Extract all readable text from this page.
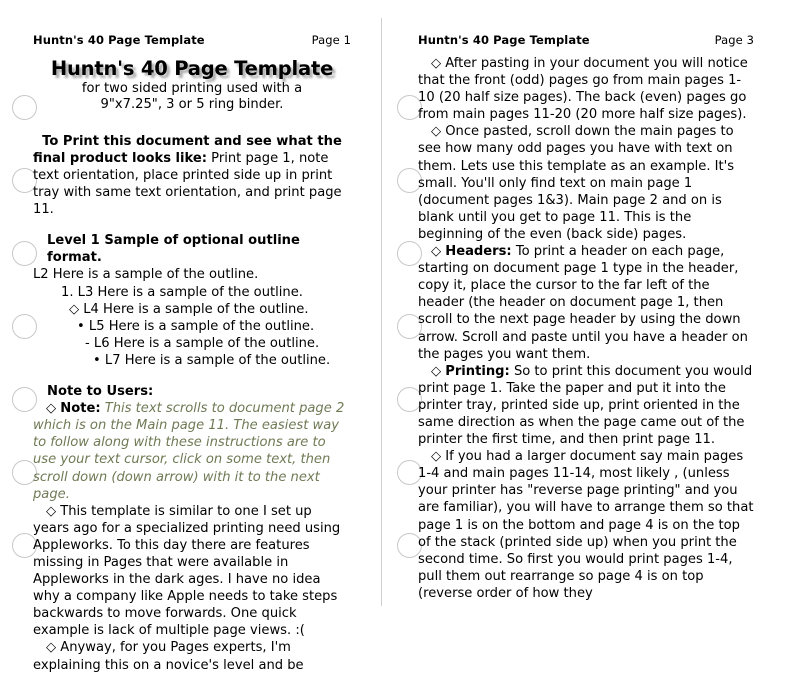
Huntn's 40 Page Template	Page 1
Huntn's 40 Page Template
for two sided printing used with a
9"x7.25", 3 or 5 ring binder.
To Print this document and see what the

final product looks like: Print page 1, note text orientation, place printed side up in print tray with same text orientation, and print page 11.

Level 1 Sample of optional outline format.

L2 Here is a sample of the outline.

1. L3 Here is a sample of the outline.

◇ L4 Here is a sample of the outline.

• L5 Here is a sample of the outline.

- L6 Here is a sample of the outline.

• L7 Here is a sample of the outline.

Note to Users:

◇ Note: This text scrolls to document page 2 which is on the Main page 11. The easiest way to follow along with these instructions are to use your text cursor, click on some text, then scroll down (down arrow) with it to the next page.

◇ This template is similar to one I set up years ago for a specialized printing need using Appleworks. To this day there are features missing in Pages that were available in Appleworks in the dark ages. I have no idea why a company like Apple needs to take steps backwards to move forwards. One quick example is lack of multiple page views. :(

◇ Anyway, for you Pages experts, I'm explaining this on a novice's level and be

Huntn's 40 Page Template	Page 3

◇ After pasting in your document you will notice that the front (odd) pages go from main pages 1-10 (20 half size pages). The back (even) pages go from main pages 11-20 (20 more half size pages).

◇ Once pasted, scroll down the main pages to see how many odd pages you have with text on them. Lets use this template as an example. It's small. You'll only find text on main page 1 (document pages 1&3). Main page 2 and on is blank until you get to page 11. This is the beginning of the even (back side) pages.

◇ Headers: To print a header on each page, starting on document page 1 type in the header, copy it, place the cursor to the far left of the header (the header on document page 1, then scroll to the next page header by using the down arrow. Scroll and paste until you have a header on the pages you want them.

◇ Printing: So to print this document you would print page 1. Take the paper and put it into the printer tray, printed side up, print oriented in the same direction as when the page came out of the printer the first time, and then print page 11.

◇ If you had a larger document say main pages 1-4 and main pages 11-14, most likely , (unless your printer has "reverse page printing" and you are familiar), you will have to arrange them so that page 1 is on the bottom and page 4 is on the top of the stack (printed side up) when you print the second time. So first you would print pages 1-4, pull them out rearrange so page 4 is on top (reverse order of how they
